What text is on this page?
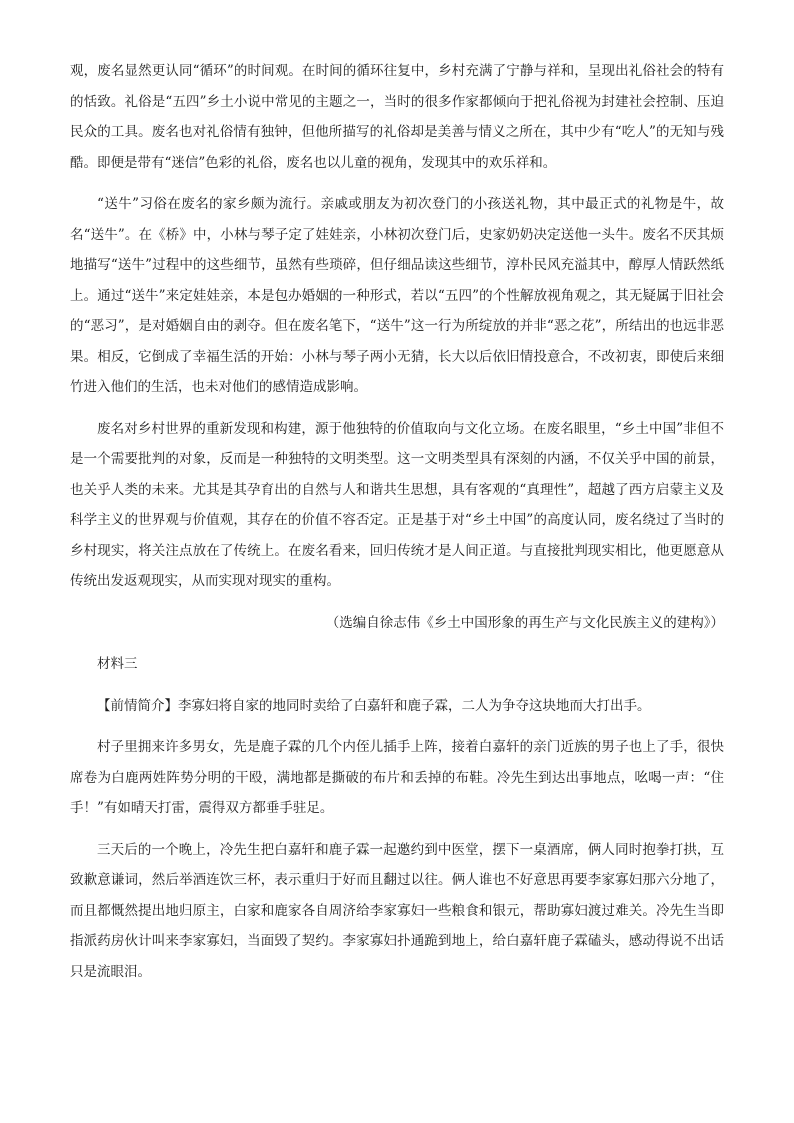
观，废名显然更认同“循环”的时间观。在时间的循环往复中，乡村充满了宁静与祥和，呈现出礼俗社会的特有的恬致。礼俗是“五四”乡土小说中常见的主题之一，当时的很多作家都倾向于把礼俗视为封建社会控制、压迫民众的工具。废名也对礼俗情有独钟，但他所描写的礼俗却是美善与情义之所在，其中少有“吃人”的无知与残酷。即便是带有“迷信”色彩的礼俗，废名也以儿童的视角，发现其中的欢乐祥和。

“送牛”习俗在废名的家乡颇为流行。亲戚或朋友为初次登门的小孩送礼物，其中最正式的礼物是牛，故名“送牛”。在《桥》中，小林与琴子定了娃娃亲，小林初次登门后，史家奶奶决定送他一头牛。废名不厌其烦地描写“送牛”过程中的这些细节，虽然有些琐碎，但仔细品读这些细节，淳朴民风充溢其中，醇厚人情跃然纸上。通过“送牛”来定娃娃亲，本是包办婚姻的一种形式，若以“五四”的个性解放视角观之，其无疑属于旧社会的“恶习”，是对婚姻自由的剥夺。但在废名笔下，“送牛”这一行为所绽放的并非“恶之花”，所结出的也远非恶果。相反，它倒成了幸福生活的开始：小林与琴子两小无猜，长大以后依旧情投意合，不改初衷，即使后来细竹进入他们的生活，也未对他们的感情造成影响。

废名对乡村世界的重新发现和构建，源于他独特的价值取向与文化立场。在废名眼里，“乡土中国”非但不是一个需要批判的对象，反而是一种独特的文明类型。这一文明类型具有深刻的内涵，不仅关乎中国的前景，也关乎人类的未来。尤其是其孕育出的自然与人和谐共生思想，具有客观的“真理性”，超越了西方启蒙主义及科学主义的世界观与价值观，其存在的价值不容否定。正是基于对“乡土中国”的高度认同，废名绕过了当时的乡村现实，将关注点放在了传统上。在废名看来，回归传统才是人间正道。与直接批判现实相比，他更愿意从传统出发返观现实，从而实现对现实的重构。

（选编自徐志伟《乡土中国形象的再生产与文化民族主义的建构》）

材料三

【前情简介】李寡妇将自家的地同时卖给了白嘉轩和鹿子霖，二人为争夺这块地而大打出手。

村子里拥来许多男女，先是鹿子霖的几个内侄儿插手上阵，接着白嘉轩的亲门近族的男子也上了手，很快席卷为白鹿两姓阵势分明的干殴，满地都是撕破的布片和丢掉的布鞋。冷先生到达出事地点，吆喝一声：“住手！”有如晴天打雷，震得双方都垂手驻足。

三天后的一个晚上，冷先生把白嘉轩和鹿子霖一起邀约到中医堂，摆下一桌酒席，俩人同时抱拳打拱，互致歉意谦词，然后举酒连饮三杯，表示重归于好而且翻过以往。俩人谁也不好意思再要李家寡妇那六分地了，而且都慨然提出地归原主，白家和鹿家各自周济给李家寡妇一些粮食和银元，帮助寡妇渡过难关。冷先生当即指派药房伙计叫来李家寡妇，当面毁了契约。李家寡妇扑通跪到地上，给白嘉轩鹿子霖磕头，感动得说不出话只是流眼泪。
